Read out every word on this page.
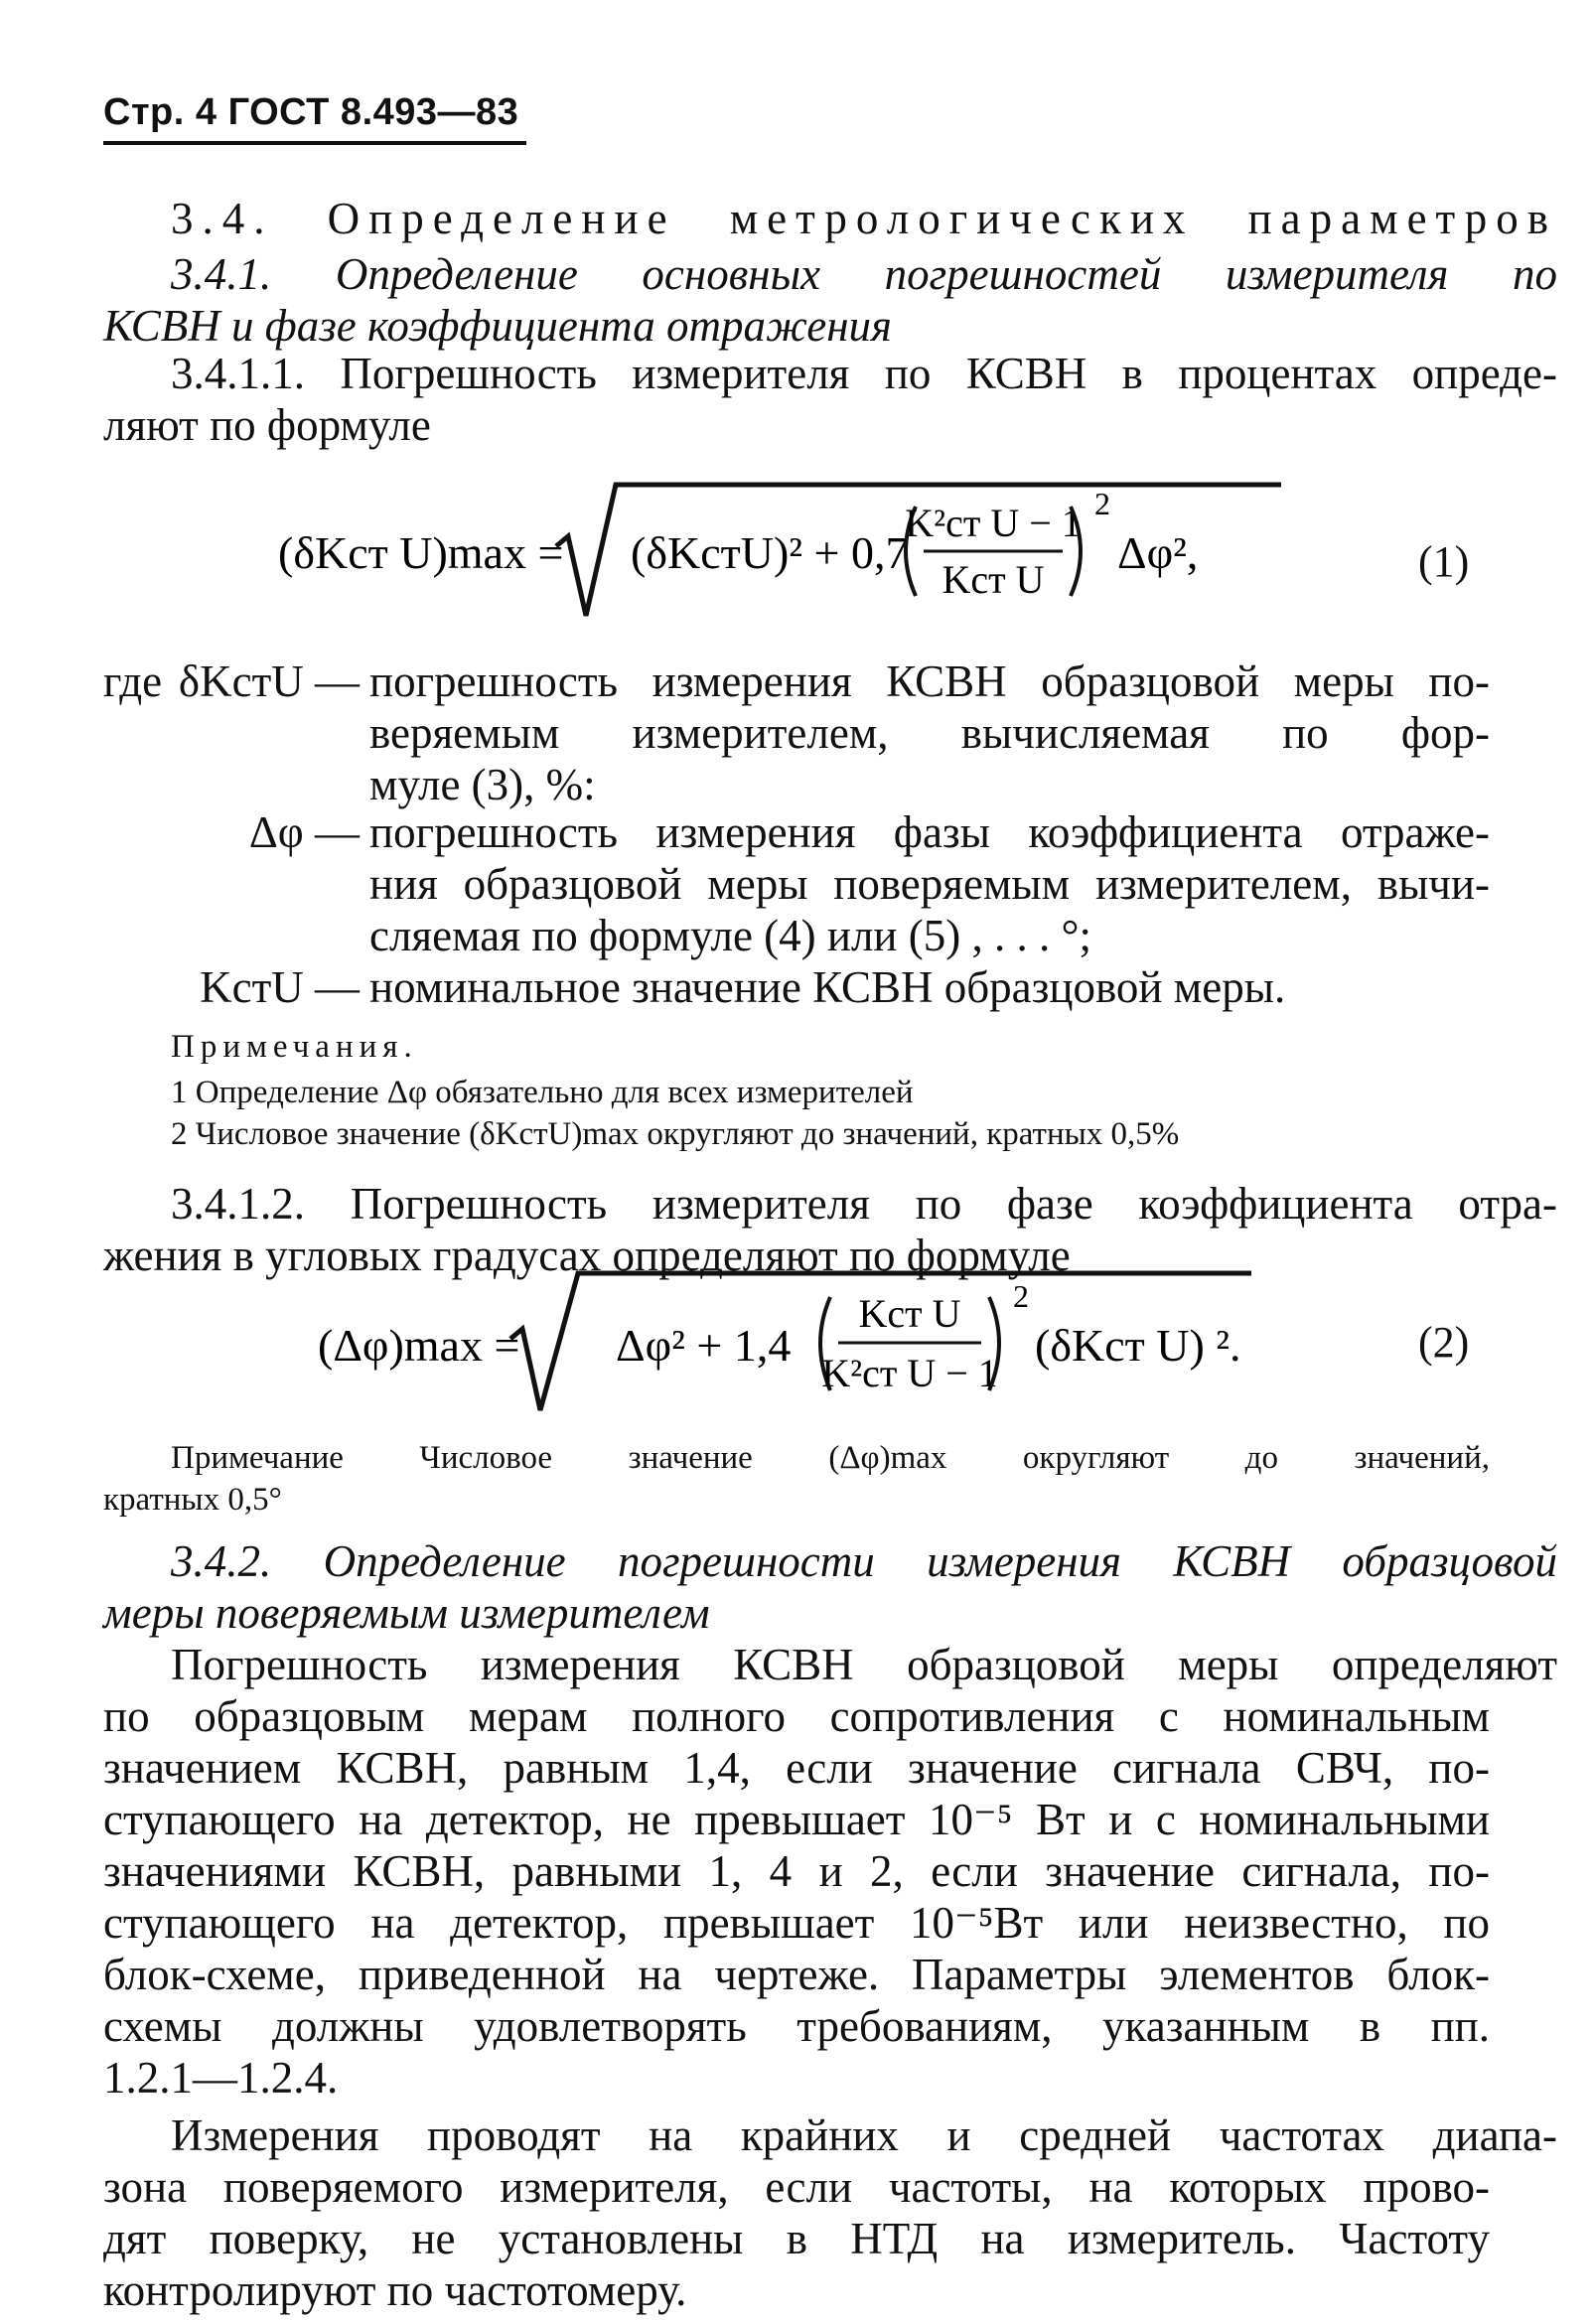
Стр. 4 ГОСТ 8.493—83
3.4. Определение метрологических параметров
3.4.1. Определение основных погрешностей измерителя по
КСВН и фазе коэффициента отражения
3.4.1.1. Погрешность измерителя по КСВН в процентах опреде-
ляют по формуле
(δKст U)max = (δKстU)² + 0,7
K²ст U − 1
Kст U
2
Δφ²,	(1)
где δKстU — погрешность измерения КСВН образцовой меры по-
веряемым измерителем, вычисляемая по фор-
муле (3), %:
Δφ — погрешность измерения фазы коэффициента отраже-
ния образцовой меры поверяемым измерителем, вычи-
сляемая по формуле (4) или (5) , . . . °;
KстU — номинальное значение КСВН образцовой меры.
Примечания.
1 Определение Δφ обязательно для всех измерителей
2 Числовое значение (δKстU)max округляют до значений, кратных 0,5%
3.4.1.2. Погрешность измерителя по фазе коэффициента отра-
жения в угловых градусах определяют по формуле
(Δφ)max = Δφ² + 1,4
Kст U
K²ст U − 1
2
(δKст U) ².	(2)
Примечание Числовое значение (Δφ)max округляют до значений,
кратных 0,5°
3.4.2. Определение погрешности измерения КСВН образцовой
меры поверяемым измерителем
Погрешность измерения КСВН образцовой меры определяют
по образцовым мерам полного сопротивления с номинальным
значением КСВН, равным 1,4, если значение сигнала СВЧ, по-
ступающего на детектор, не превышает 10⁻⁵ Вт и с номинальными
значениями КСВН, равными 1, 4 и 2, если значение сигнала, по-
ступающего на детектор, превышает 10⁻⁵Вт или неизвестно, по
блок-схеме, приведенной на чертеже. Параметры элементов блок-
схемы должны удовлетворять требованиям, указанным в пп.
1.2.1—1.2.4.
Измерения проводят на крайних и средней частотах диапа-
зона поверяемого измерителя, если частоты, на которых прово-
дят поверку, не установлены в НТД на измеритель. Частоту
контролируют по частотомеру.
